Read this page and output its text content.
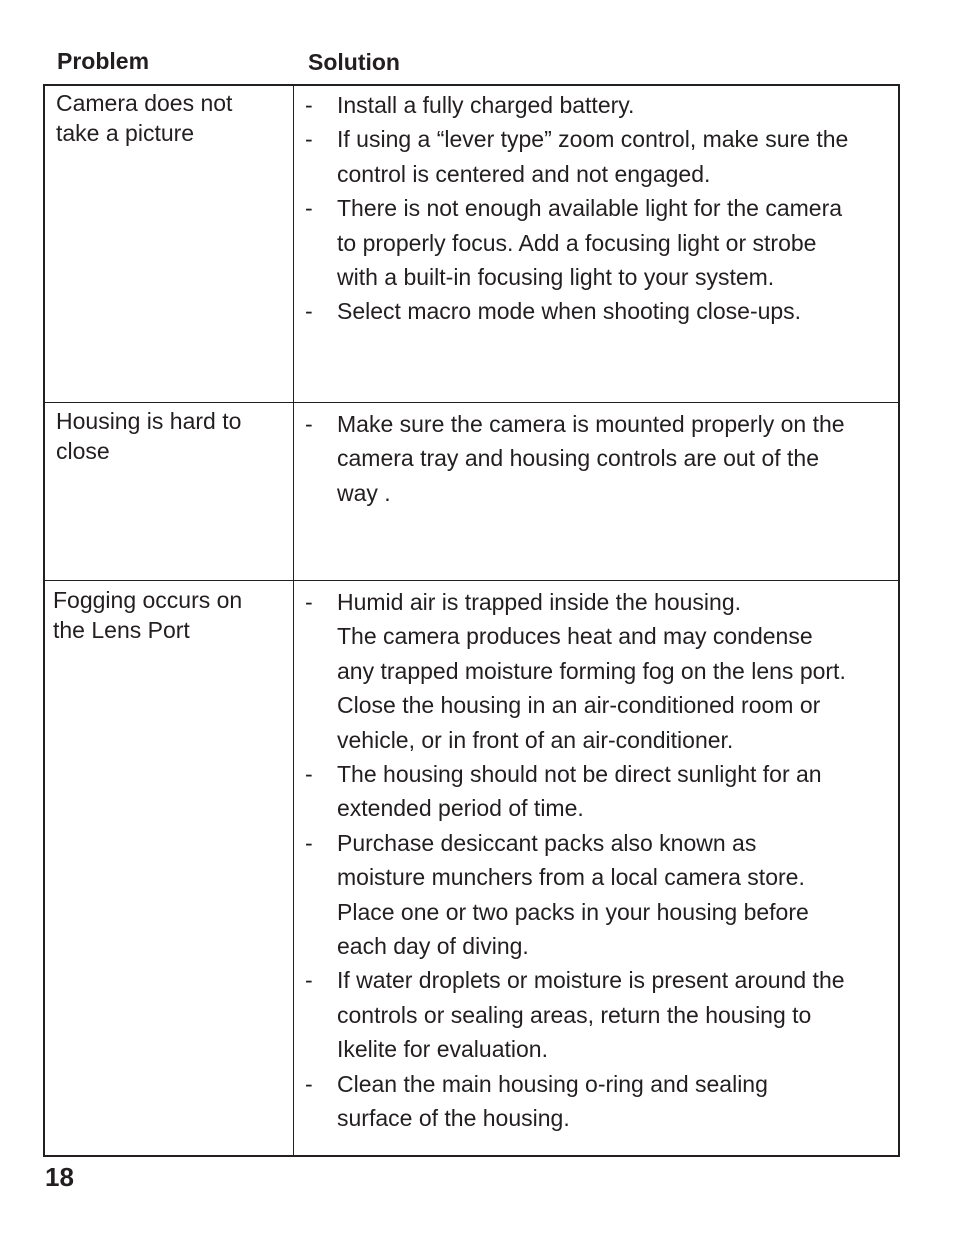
Problem	Solution
Camera does not
take a picture
- Install a fully charged battery.
- If using a “lever type” zoom control, make sure the
control is centered and not engaged.
- There is not enough available light for the camera
to properly focus. Add a focusing light or strobe
with a built-in focusing light to your system.
- Select macro mode when shooting close-ups.
Housing is hard to
close
- Make sure the camera is mounted properly on the
camera tray and housing controls are out of the
way .
Fogging occurs on
the Lens Port
- Humid air is trapped inside the housing.
The camera produces heat and may condense
any trapped moisture forming fog on the lens port.
Close the housing in an air-conditioned room or
vehicle, or in front of an air-conditioner.
- The housing should not be direct sunlight for an
extended period of time.
- Purchase desiccant packs also known as
moisture munchers from a local camera store.
Place one or two packs in your housing before
each day of diving.
- If water droplets or moisture is present around the
controls or sealing areas, return the housing to
Ikelite for evaluation.
- Clean the main housing o-ring and sealing
surface of the housing.
18
